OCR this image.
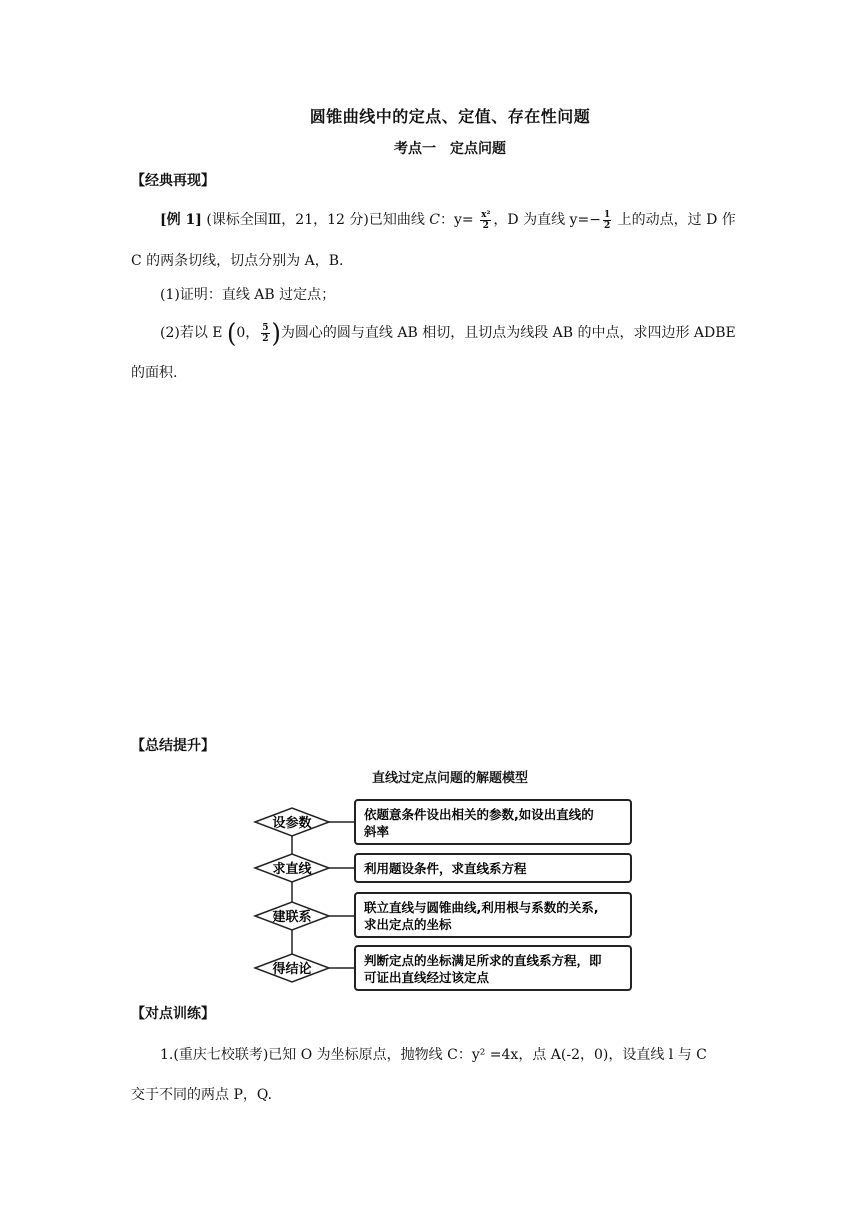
圆锥曲线中的定点、定值、存在性问题
考点一　定点问题
【经典再现】
[例 1] (课标全国Ⅲ，21，12 分)已知曲线 C：$y= \frac{\text{x²}}{2}$ ，D 为直线 $y=- \frac{1}{2}$ 上的动点，过 D 作
C 的两条切线，切点分别为 A，B.
(1)证明：直线 AB 过定点；
(2)若以 E (0， $\frac{5}{2}$ )为圆心的圆与直线 AB 相切，且切点为线段 AB 的中点，求四边形 ADBE
的面积.
【总结提升】
直线过定点问题的解题模型
设参数
依题意条件设出相关的参数,如设出直线的
斜率
求直线	利用题设条件，求直线系方程
建联系
联立直线与圆锥曲线,利用根与系数的关系,
求出定点的坐标
得结论
判断定点的坐标满足所求的直线系方程，即
可证出直线经过该定点
【对点训练】
1.(重庆七校联考)已知 O 为坐标原点，抛物线 C：y² =4x，点 A(-2，0)，设直线 l 与 C
交于不同的两点 P，Q.
